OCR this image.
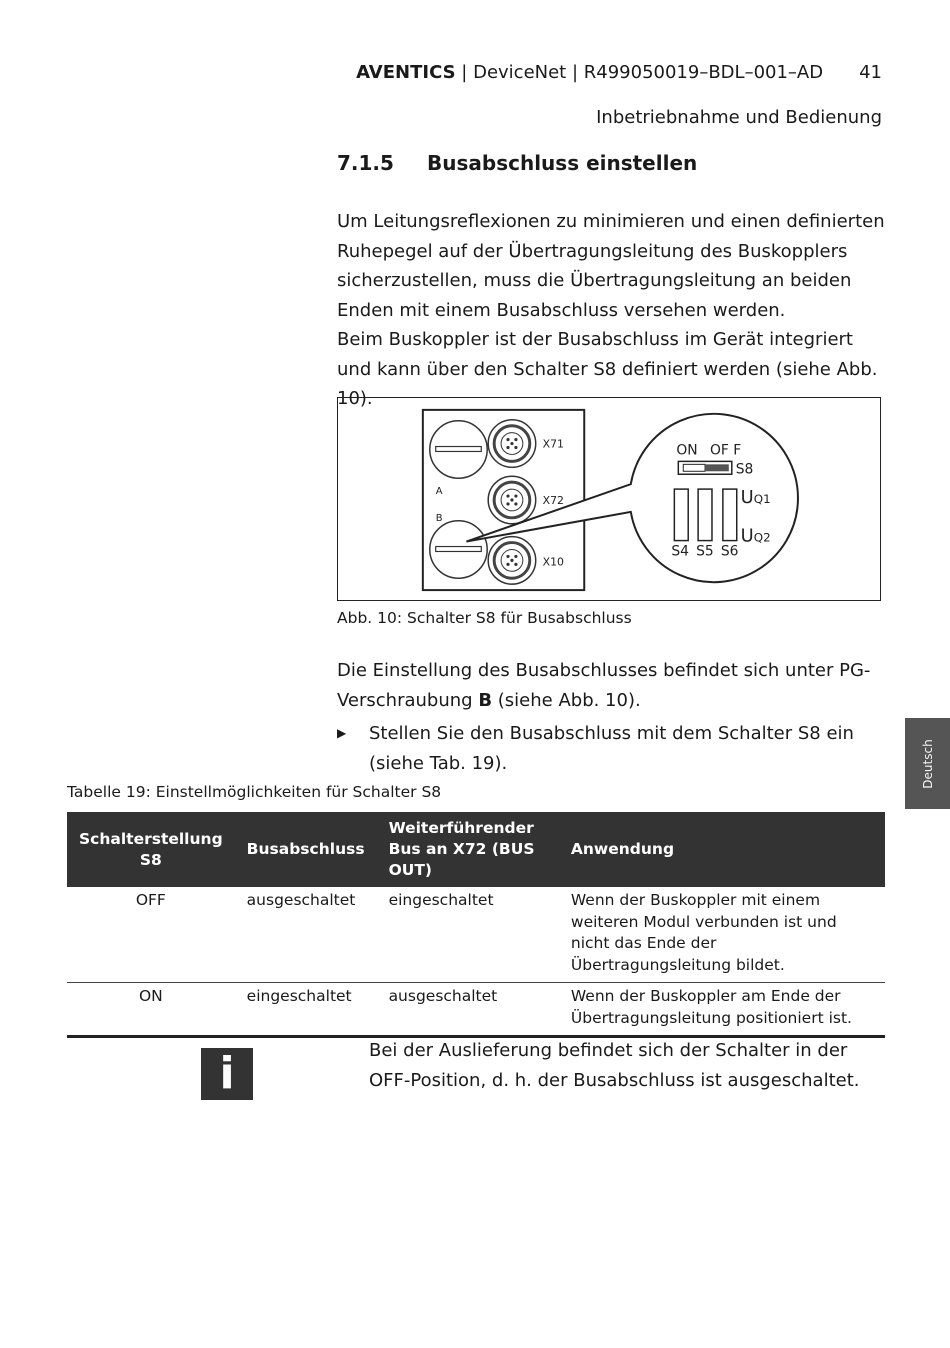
AVENTICS | DeviceNet | R499050019–BDL–001–AD 41
Inbetriebnahme und Bedienung
7.1.5 Busabschluss einstellen
Um Leitungsreflexionen zu minimieren und einen definierten Ruhepegel auf der Übertragungsleitung des Buskopplers sicherzustellen, muss die Übertragungsleitung an beiden Enden mit einem Busabschluss versehen werden.
Beim Buskoppler ist der Busabschluss im Gerät integriert und kann über den Schalter S8 definiert werden (siehe Abb. 10).
X71
X72
X10
A
B
ON OF F
S8
UQ1
UQ2
S4 S5 S6
Abb. 10: Schalter S8 für Busabschluss
Die Einstellung des Busabschlusses befindet sich unter PG-Verschraubung B (siehe Abb. 10).
▶ Stellen Sie den Busabschluss mit dem Schalter S8 ein (siehe Tab. 19).	Deutsch
Tabelle 19: Einstellmöglichkeiten für Schalter S8
Schalterstellung S8	Busabschluss	Weiterführender Bus an X72 (BUS OUT)	Anwendung
OFF	ausgeschaltet	eingeschaltet	Wenn der Buskoppler mit einem weiteren Modul verbunden ist und nicht das Ende der Übertragungsleitung bildet.
ON	eingeschaltet	ausgeschaltet	Wenn der Buskoppler am Ende der Übertragungsleitung positioniert ist.
i	Bei der Auslieferung befindet sich der Schalter in der OFF-Position, d. h. der Busabschluss ist ausgeschaltet.
